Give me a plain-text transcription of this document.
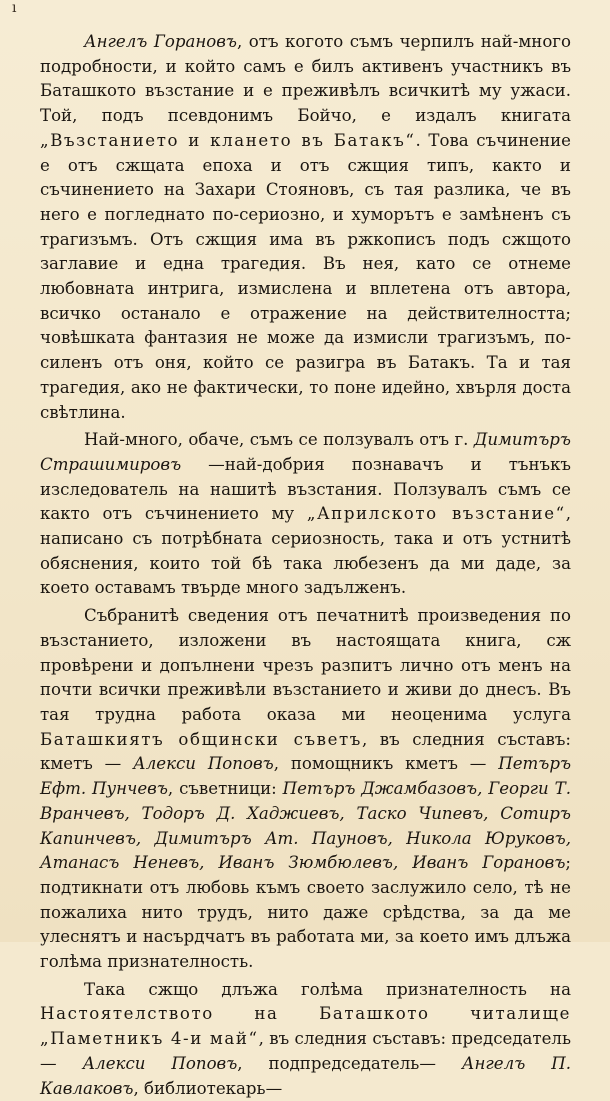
ı

Ангелъ Горановъ, отъ когото съмъ черпилъ най-много подробности, и който самъ е билъ активенъ участникъ въ Баташкото възстание и е преживѣлъ всичкитѣ му ужаси. Той, подъ псевдонимъ Бойчо, е издалъ книгата „Възстанието и клането въ Батакъ“. Това съчинение е отъ сжщата епоха и отъ сжщия типъ, както и съчинението на Захари Стояновъ, съ тая разлика, че въ него е погледнато по-сериозно, и хуморътъ е замѣненъ съ трагизъмъ. Отъ сжщия има въ ржкописъ подъ сжщото заглавие и една трагедия. Въ нея, като се отнеме любовната интрига, измислена и вплетена отъ автора, всичко останало е отражение на действителността; човѣшката фантазия не може да измисли трагизъмъ, по-силенъ отъ оня, който се разигра въ Батакъ. Та и тая трагедия, ако не фактически, то поне идейно, хвърля доста свѣтлина.

Най-много, обаче, съмъ се ползувалъ отъ г. Димитъръ Страшимировъ —най-добрия познавачъ и тънъкъ изследователь на нашитѣ възстания. Ползувалъ съмъ се както отъ съчинението му „Априлското възстание“, написано съ потрѣбната сериозность, така и отъ устнитѣ обяснения, които той бѣ така любезенъ да ми даде, за което оставамъ твърде много задълженъ.

Събранитѣ сведения отъ печатнитѣ произведения по възстанието, изложени въ настоящата книга, сж провѣрени и допълнени чрезъ разпитъ лично отъ менъ на почти всички преживѣли възстанието и живи до днесъ. Въ тая трудна работа оказа ми неоценима услуга Баташкиятъ общински съветъ, въ следния съставъ: кметъ — Алекси Поповъ, помощникъ кметъ — Петъръ Ефт. Пунчевъ, съветници: Петъръ Джамбазовъ, Георги Т. Вранчевъ, Тодоръ Д. Хаджиевъ, Таско Чипевъ, Сотиръ Капинчевъ, Димитъръ Ат. Пауновъ, Никола Юруковъ, Атанасъ Неневъ, Иванъ Зюмбюлевъ, Иванъ Горановъ; подтикнати отъ любовь къмъ своето заслужило село, тѣ не пожалиха нито трудъ, нито даже срѣдства, за да ме улеснятъ и насърдчатъ въ работата ми, за което имъ длъжа голѣма признателность.

Така сжщо длъжа голѣма признателность на Настоятелството на Баташкото читалище „Паметникъ 4-и май“, въ следния съставъ: председатель — Алекси Поповъ, подпредседатель— Ангелъ П. Кавлаковъ, библиотекарь—
